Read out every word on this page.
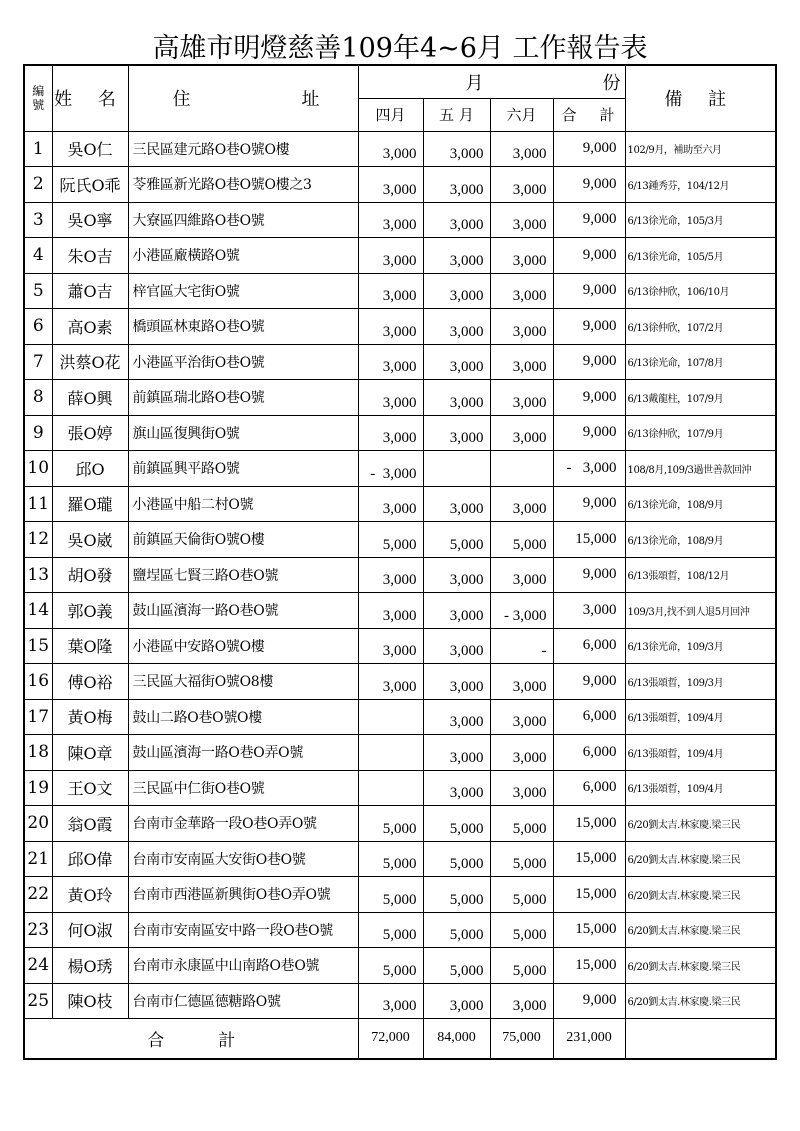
高雄市明燈慈善109年4~6月 工作報告表
編號	姓 名	住 址	月 份				備 註
			四月	五 月	六月	合 計	

1	吳O仁	三民區建元路O巷O號O樓	3,000	3,000	3,000	9,000	102/9月，補助至六月
2	阮氏O乖	苓雅區新光路O巷O號O樓之3	3,000	3,000	3,000	9,000	6/13鍾秀芬，104/12月
3	吳O寧	大寮區四維路O巷O號	3,000	3,000	3,000	9,000	6/13徐光命，105/3月
4	朱O吉	小港區廠橫路O號	3,000	3,000	3,000	9,000	6/13徐光命，105/5月
5	蕭O吉	梓官區大宅街O號	3,000	3,000	3,000	9,000	6/13徐仲欣，106/10月
6	高O素	橋頭區林東路O巷O號	3,000	3,000	3,000	9,000	6/13徐仲欣，107/2月
7	洪蔡O花	小港區平治街O巷O號	3,000	3,000	3,000	9,000	6/13徐光命，107/8月
8	薛O興	前鎮區瑞北路O巷O號	3,000	3,000	3,000	9,000	6/13戴龍柱，107/9月
9	張O婷	旗山區復興街O號	3,000	3,000	3,000	9,000	6/13徐仲欣，107/9月
10	邱O	前鎮區興平路O號	-  3,000			-   3,000	108/8月,109/3過世善款回沖
11	羅O瓏	小港區中船二村O號	3,000	3,000	3,000	9,000	6/13徐光命，108/9月
12	吳O崴	前鎮區天倫街O號O樓	5,000	5,000	5,000	15,000	6/13徐光命，108/9月
13	胡O發	鹽埕區七賢三路O巷O號	3,000	3,000	3,000	9,000	6/13張頌晢，108/12月
14	郭O義	鼓山區濱海一路O巷O號	3,000	3,000	- 3,000	3,000	109/3月,找不到人退5月回沖
15	葉O隆	小港區中安路O號O樓	3,000	3,000	-	6,000	6/13徐光命，109/3月
16	傅O裕	三民區大福街O號O8樓	3,000	3,000	3,000	9,000	6/13張頌晢，109/3月
17	黃O梅	鼓山二路O巷O號O樓		3,000	3,000	6,000	6/13張頌晢，109/4月
18	陳O章	鼓山區濱海一路O巷O弄O號		3,000	3,000	6,000	6/13張頌晢，109/4月
19	王O文	三民區中仁街O巷O號		3,000	3,000	6,000	6/13張頌晢，109/4月
20	翁O霞	台南市金華路一段O巷O弄O號	5,000	5,000	5,000	15,000	6/20劉太吉.林家慶.梁三民
21	邱O偉	台南市安南區大安街O巷O號	5,000	5,000	5,000	15,000	6/20劉太吉.林家慶.梁三民
22	黃O玲	台南市西港區新興街O巷O弄O號	5,000	5,000	5,000	15,000	6/20劉太吉.林家慶.梁三民
23	何O淑	台南市安南區安中路一段O巷O號	5,000	5,000	5,000	15,000	6/20劉太吉.林家慶.梁三民
24	楊O琇	台南市永康區中山南路O巷O號	5,000	5,000	5,000	15,000	6/20劉太吉.林家慶.梁三民
25	陳O枝	台南市仁德區德糖路O號	3,000	3,000	3,000	9,000	6/20劉太吉.林家慶.梁三民
合          計			72,000	84,000	75,000	231,000	
